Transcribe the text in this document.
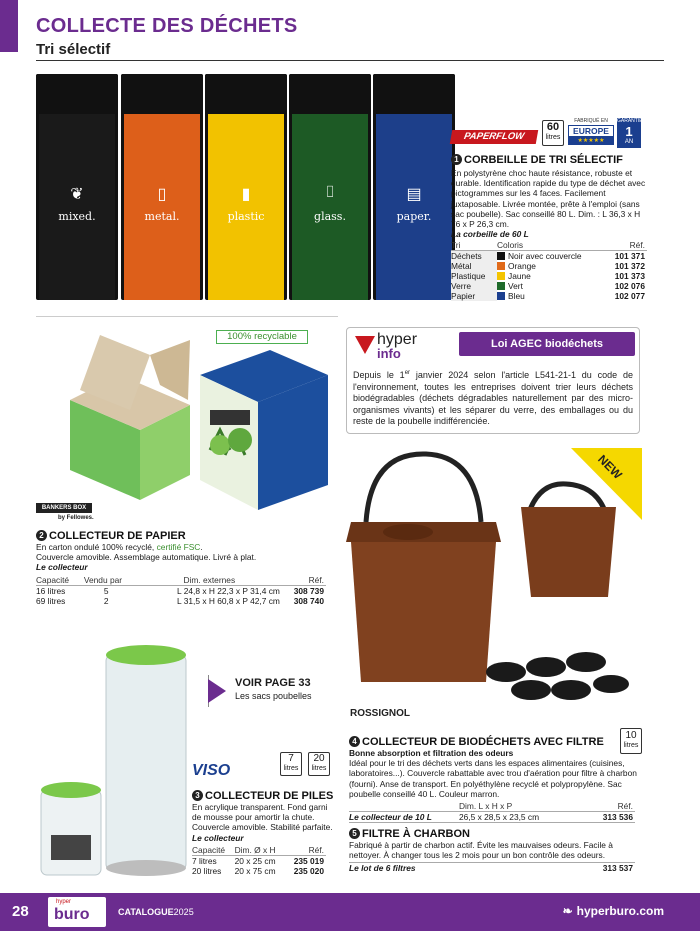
COLLECTE DES DÉCHETS
Tri sélectif
❦
mixed.
▯
metal.
▮
plastic
⌷
glass.
▤
paper.
PAPERFLOW
60
litres
FABRIQUÉ EN
EUROPE
★★★★★
GARANTIE
1
AN
1 CORBEILLE DE TRI SÉLECTIF
En polystyrène choc haute résistance, robuste et durable. Identification rapide du type de déchet avec pictogrammes sur les 4 faces. Facilement juxtaposable. Livrée montée, prête à l'emploi (sans sac poubelle). Sac conseillé 80 L. Dim. : L 36,3 x H 76 x P 26,3 cm.
La corbeille de 60 L
Tri	Coloris	Réf.
Déchets	Noir avec couvercle	101 371
Métal	Orange	101 372
Plastique	Jaune	101 373
Verre	Vert	102 076
Papier	Bleu	102 077
100% recyclable
BANKERS BOX
by Fellowes.
2 COLLECTEUR DE PAPIER
En carton ondulé 100% recyclé, certifié FSC.
Couvercle amovible. Assemblage automatique. Livré à plat.
Le collecteur
Capacité	Vendu par	Dim. externes	Réf.
16 litres	5	L 24,8 x H 22,3 x P 31,4 cm	308 739
69 litres	2	L 31,5 x H 60,8 x P 42,7 cm	308 740
hyper
info
Loi AGEC biodéchets
Depuis le 1er janvier 2024 selon l'article L541-21-1 du code de l'environnement, toutes les entreprises doivent trier leurs déchets biodégradables (déchets dégradables naturellement par des micro-organismes vivants) et les séparer du verre, des emballages ou du reste de la poubelle indifférenciée.
NEW
ROSSIGNOL
VOIR PAGE 33
Les sacs poubelles
VISO
7
litres
20
litres
3 COLLECTEUR DE PILES
En acrylique transparent. Fond garni de mousse pour amortir la chute. Couvercle amovible. Stabilité parfaite.
Le collecteur
Capacité	Dim. Ø x H	Réf.
7 litres	20 x 25 cm	235 019
20 litres	20 x 75 cm	235 020
10
litres
4 COLLECTEUR DE BIODÉCHETS AVEC FILTRE
Bonne absorption et filtration des odeurs
Idéal pour le tri des déchets verts dans les espaces alimentaires (cuisines, laboratoires...). Couvercle rabattable avec trou d'aération pour filtre à charbon (fourni). Anse de transport. En polyéthylène recyclé et polypropylène. Sac poubelle conseillé 40 L. Couleur marron.
	Dim. L x H x P	Réf.
Le collecteur de 10 L	26,5 x 28,5 x 23,5 cm	313 536
5 FILTRE À CHARBON
Fabriqué à partir de charbon actif. Évite les mauvaises odeurs. Facile à nettoyer. À changer tous les 2 mois pour un bon contrôle des odeurs.
Le lot de 6 filtres	313 537
28
hyper
buro	CATALOGUE2025	❧ hyperburo.com
